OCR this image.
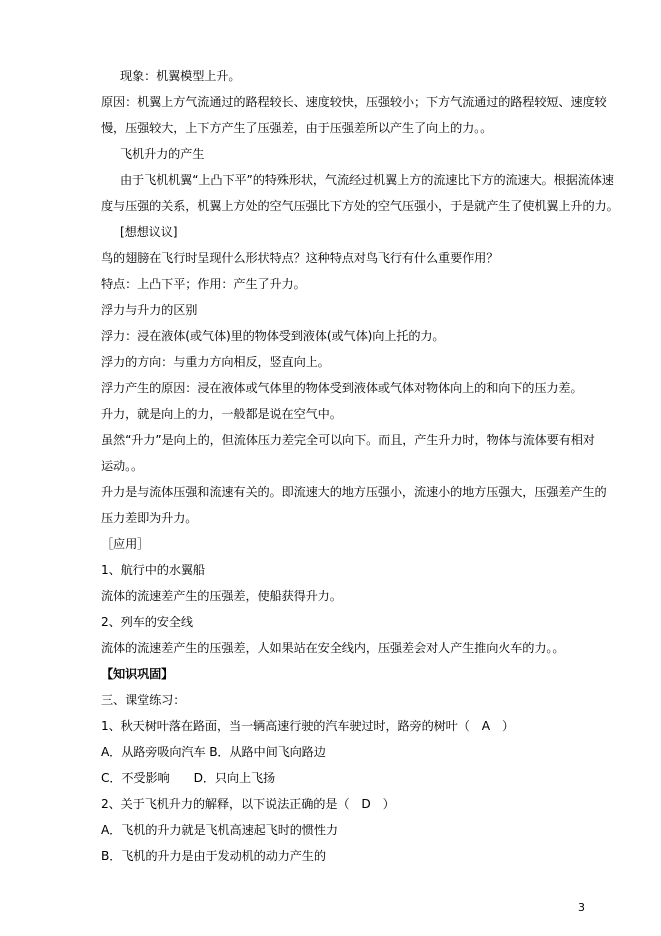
现象：机翼模型上升。
原因：机翼上方气流通过的路程较长、速度较快，压强较小；下方气流通过的路程较短、速度较
慢，压强较大，上下方产生了压强差，由于压强差所以产生了向上的力。。
飞机升力的产生
由于飞机机翼“上凸下平”的特殊形状，气流经过机翼上方的流速比下方的流速大。根据流体速
度与压强的关系，机翼上方处的空气压强比下方处的空气压强小，于是就产生了使机翼上升的力。
[想想议议]
鸟的翅膀在飞行时呈现什么形状特点？这种特点对鸟飞行有什么重要作用？
特点：上凸下平；作用：产生了升力。
浮力与升力的区别
浮力：浸在液体(或气体)里的物体受到液体(或气体)向上托的力。
浮力的方向：与重力方向相反，竖直向上。
浮力产生的原因：浸在液体或气体里的物体受到液体或气体对物体向上的和向下的压力差。
升力，就是向上的力，一般都是说在空气中。
虽然“升力”是向上的，但流体压力差完全可以向下。而且，产生升力时，物体与流体要有相对
运动。。
升力是与流体压强和流速有关的。即流速大的地方压强小，流速小的地方压强大，压强差产生的
压力差即为升力。
［应用］
1、航行中的水翼船
流体的流速差产生的压强差，使船获得升力。
2、列车的安全线
流体的流速差产生的压强差，人如果站在安全线内，压强差会对人产生推向火车的力。。
【知识巩固】
三、课堂练习：
1、秋天树叶落在路面，当一辆高速行驶的汽车驶过时，路旁的树叶（　A　）
A．从路旁吸向汽车 B．从路中间飞向路边
C．不受影响　　D．只向上飞扬
2、关于飞机升力的解释，以下说法正确的是（　D　）
A．飞机的升力就是飞机高速起飞时的惯性力
B．飞机的升力是由于发动机的动力产生的
3
